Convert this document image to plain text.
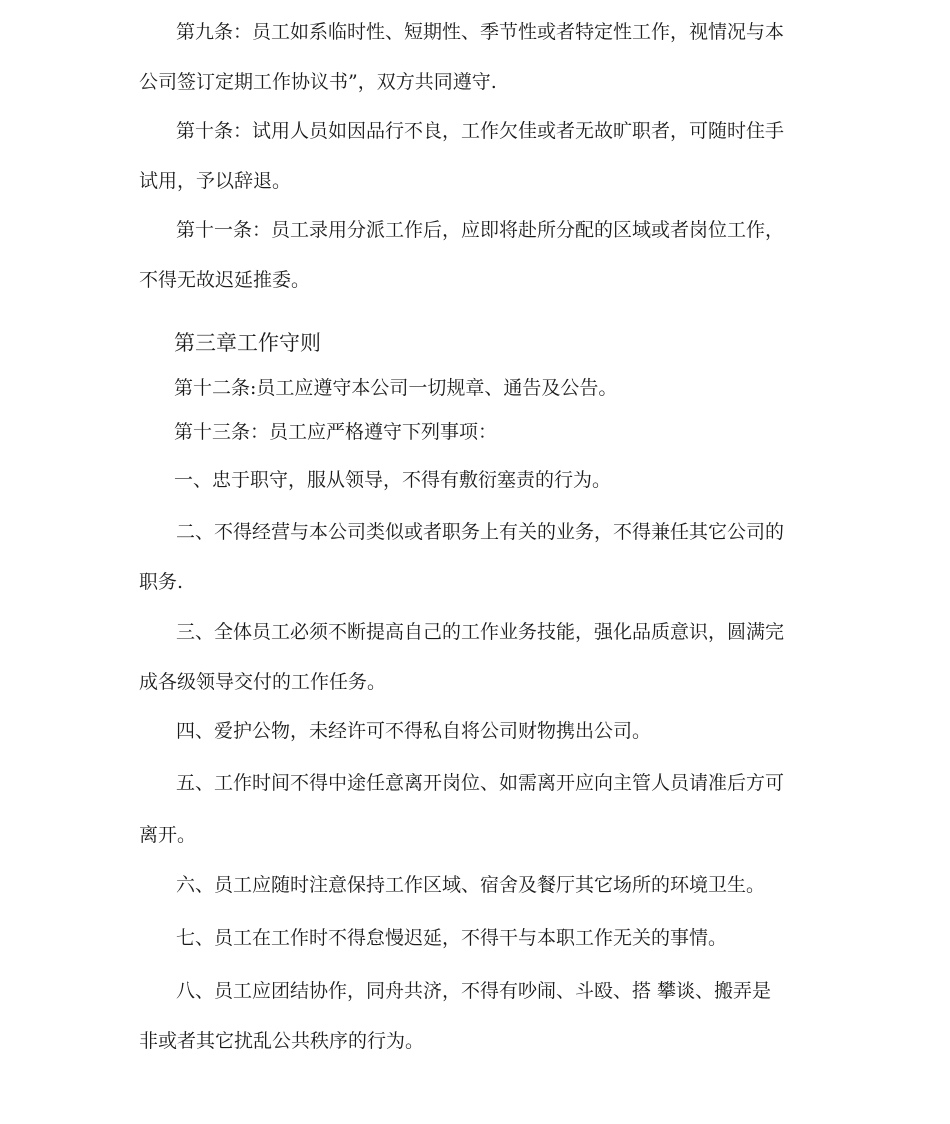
第九条：员工如系临时性、短期性、季节性或者特定性工作，视情况与本
公司签订定期工作协议书”，双方共同遵守.
第十条：试用人员如因品行不良，工作欠佳或者无故旷职者，可随时住手
试用，予以辞退。
第十一条：员工录用分派工作后，应即将赴所分配的区域或者岗位工作，
不得无故迟延推委。
第三章工作守则
第十二条:员工应遵守本公司一切规章、通告及公告。
第十三条：员工应严格遵守下列事项：
一、忠于职守，服从领导，不得有敷衍塞责的行为。
二、不得经营与本公司类似或者职务上有关的业务，不得兼任其它公司的
职务.
三、全体员工必须不断提高自己的工作业务技能，强化品质意识，圆满完
成各级领导交付的工作任务。
四、爱护公物，未经许可不得私自将公司财物携出公司。
五、工作时间不得中途任意离开岗位、如需离开应向主管人员请准后方可
离开。
六、员工应随时注意保持工作区域、宿舍及餐厅其它场所的环境卫生。
七、员工在工作时不得怠慢迟延，不得干与本职工作无关的事情。
八、员工应团结协作，同舟共济，不得有吵闹、斗殴、搭 攀谈、搬弄是
非或者其它扰乱公共秩序的行为。
